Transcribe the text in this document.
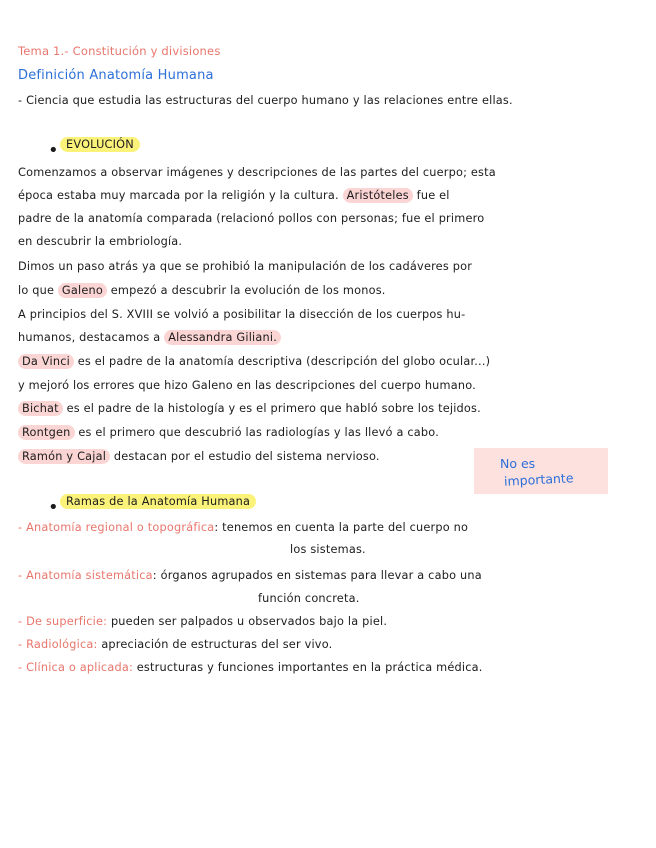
Tema 1.- Constitución y divisiones
Definición Anatomía Humana
- Ciencia que estudia las estructuras del cuerpo humano y las relaciones entre ellas.
• EVOLUCIÓN
Comenzamos a observar imágenes y descripciones de las partes del cuerpo; esta
época estaba muy marcada por la religión y la cultura. Aristóteles fue el
padre de la anatomía comparada (relacionó pollos con personas; fue el primero
en descubrir la embriología.
Dimos un paso atrás ya que se prohibió la manipulación de los cadáveres por
lo que Galeno empezó a descubrir la evolución de los monos.
A principios del S. XVIII se volvió a posibilitar la disección de los cuerpos hu-
humanos, destacamos a Alessandra Giliani.
Da Vinci es el padre de la anatomía descriptiva (descripción del globo ocular...)
y mejoró los errores que hizo Galeno en las descripciones del cuerpo humano.
Bichat es el padre de la histología y es el primero que habló sobre los tejidos.
Rontgen es el primero que descubrió las radiologías y las llevó a cabo.
Ramón y Cajal destacan por el estudio del sistema nervioso.	No es
importante
• Ramas de la Anatomía Humana
- Anatomía regional o topográfica: tenemos en cuenta la parte del cuerpo no
los sistemas.
- Anatomía sistemática: órganos agrupados en sistemas para llevar a cabo una
función concreta.
- De superficie: pueden ser palpados u observados bajo la piel.
- Radiológica: apreciación de estructuras del ser vivo.
- Clínica o aplicada: estructuras y funciones importantes en la práctica médica.
